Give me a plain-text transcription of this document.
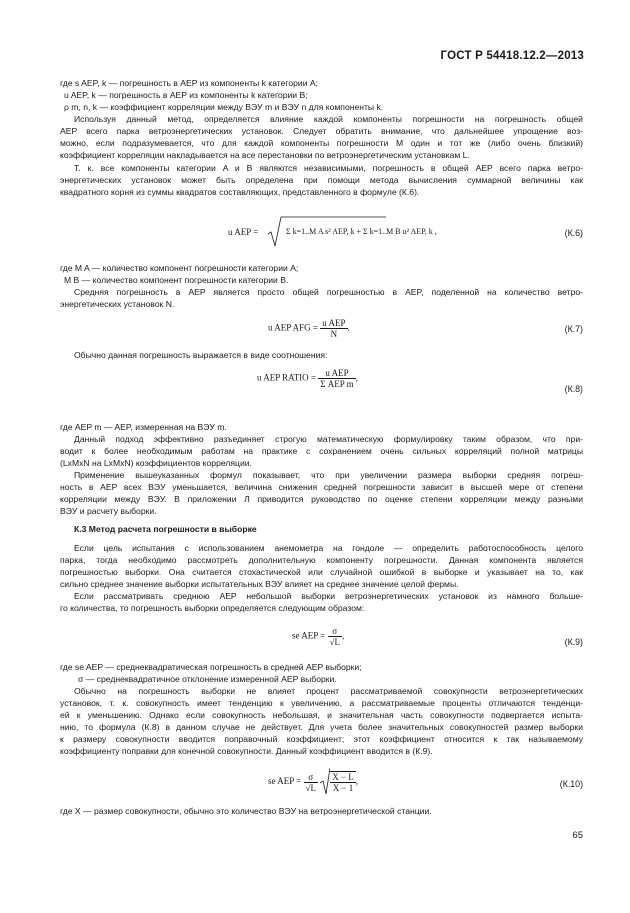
ГОСТ Р 54418.12.2—2013
где s AEP, k — погрешность в AEP из компоненты k категории A;
u AEP, k — погрешность в AEP из компоненты k категории B;
ρ m, n, k — коэффициент корреляции между ВЭУ m и ВЭУ n для компоненты k.
Используя данный метод, определяется влияние каждой компоненты погрешности на погрешность общей
AEP всего парка ветроэнергетических установок. Следует обратить внимание, что дальнейшее упрощение воз-
можно, если подразумевается, что для каждой компоненты погрешности M один и тот же (либо очень близкий)
коэффициент корреляции накладывается на все перестановки по ветроэнергетическим установкам L.
Т. к. все компоненты категории A и B являются независимыми, погрешность в общей AEP всего парка ветро-
энергетических установок может быть определена при помощи метода вычисления суммарной величины как
квадратного корня из суммы квадратов составляющих, представленного в формуле (К.6).
u AEP =	Σ k=1..M A s² AEP, k + Σ k=1..M B u² AEP, k ,	(К.6)
где M A — количество компонент погрешности категории A;
M B — количество компонент погрешности категории B.
Средняя погрешность в AEP является просто общей погрешностью в AEP, поделенной на количество ветро-
энергетических установок N.
u AEP AFG = $\frac{\text{u AEP}}{N}$ .	(К.7)
Обычно данная погрешность выражается в виде соотношения:
u AEP RATIO = $\frac{\text{u AEP}}{\text{Σ AEP m}}$ ,
(К.8)
где AEP m — AEP, измеренная на ВЭУ m.
Данный подход эффективно разъединяет строгую математическую формулировку таким образом, что при-
водит к более необходимым работам на практике с сохранением очень сильных корреляций полной матрицы
(LxMxN на LxMxN) коэффициентов корреляции.
Применение вышеуказанных формул показывает, что при увеличении размера выборки средняя погреш-
ность в AEP всех ВЭУ уменьшается, величина снижения средней погрешности зависит в высшей мере от степени
корреляции между ВЭУ. В приложении Л приводится руководство по оценке степени корреляции между разными
ВЭУ и расчету выборки.
К.3 Метод расчета погрешности в выборке
Если цель испытания с использованием анемометра на гондоле — определить работоспособность целого
парка, тогда необходимо рассмотреть дополнительную компоненту погрешности. Данная компонента является
погрешностью выборки. Она считается стохастической или случайной ошибкой в выборке и указывает на то, как
сильно среднее значение выборки испытательных ВЭУ влияет на среднее значение целой фермы.
Если рассматривать среднюю AEP небольшой выборки ветроэнергетических установок из намного больше-
го количества, то погрешность выборки определяется следующим образом:
se AEP = $\frac{\sigma}{√L}$ ,
(К.9)
где se AEP — среднеквадратическая погрешность в средней AEP выборки;
σ — среднеквадратичное отклонение измеренной AEP выборки.
Обычно на погрешность выборки не влияет процент рассматриваемой совокупности ветроэнергетических
установок, т. к. совокупность имеет тенденцию к увеличению, а рассматриваемые проценты отличаются тенденци-
ей к уменьшению. Однако если совокупность небольшая, и значительная часть совокупности подвергается испыта-
нию, то формула (К.8) в данном случае не действует. Для учета более значительных совокупностей размер выборки
к размеру совокупности вводится поправочный коэффициент; этот коэффициент относится к так называемому
коэффициенту поправки для конечной совокупности. Данный коэффициент вводится в (К.9).
se AEP = $\frac{\sigma}{√L}$
$\frac{X - L}{X - 1}$ ,	(К.10)
где X — размер совокупности, обычно это количество ВЭУ на ветроэнергетической станции.
65
